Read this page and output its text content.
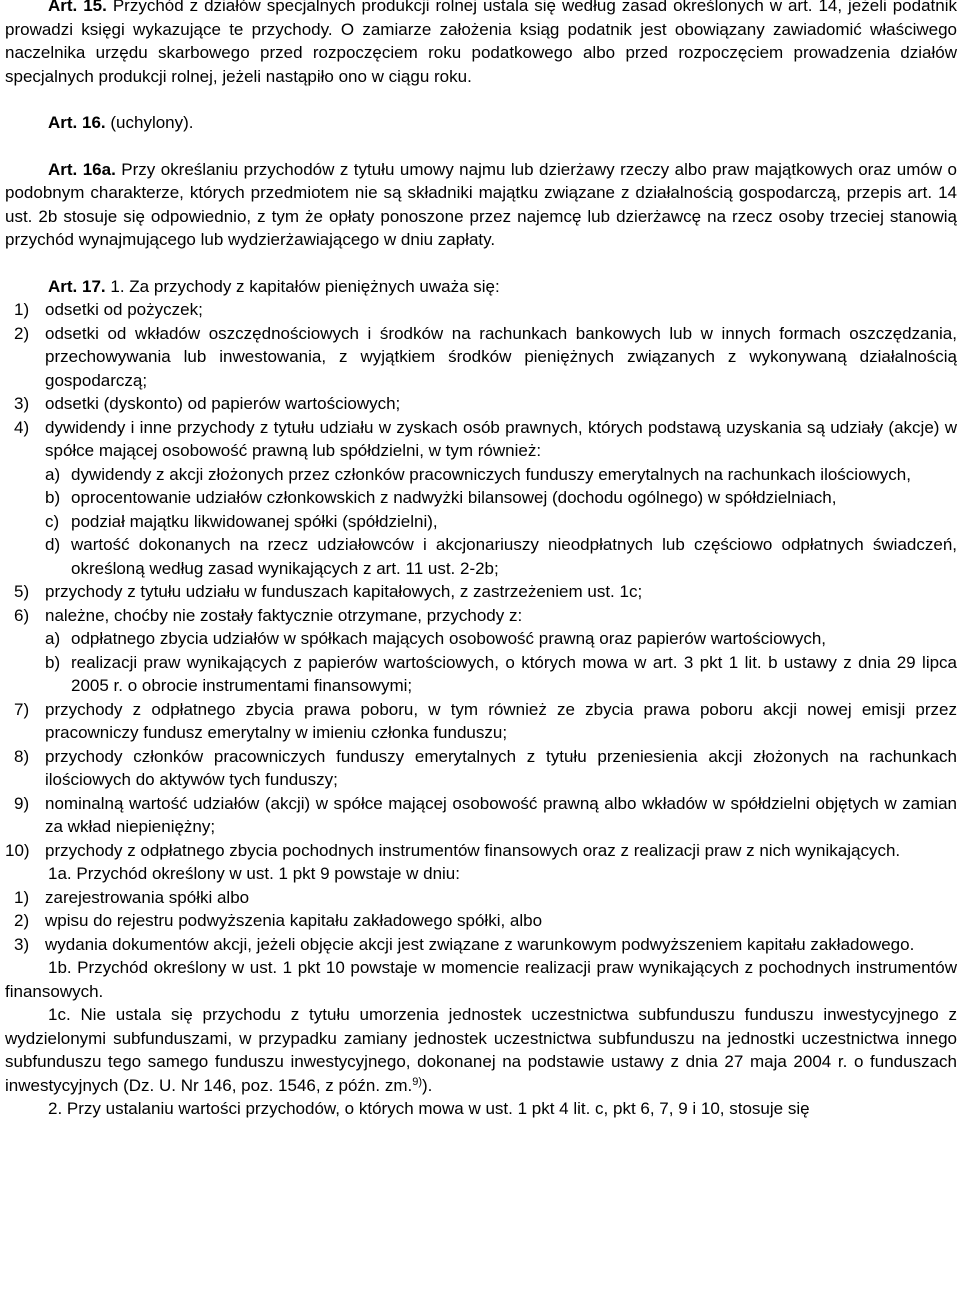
Art. 15. Przychód z działów specjalnych produkcji rolnej ustala się według zasad określonych w art. 14, jeżeli podatnik prowadzi księgi wykazujące te przychody. O zamiarze założenia ksiąg podatnik jest obowiązany zawiadomić właściwego naczelnika urzędu skarbowego przed rozpoczęciem roku podatkowego albo przed rozpoczęciem prowadzenia działów specjalnych produkcji rolnej, jeżeli nastąpiło ono w ciągu roku.

Art. 16. (uchylony).

Art. 16a. Przy określaniu przychodów z tytułu umowy najmu lub dzierżawy rzeczy albo praw majątkowych oraz umów o podobnym charakterze, których przedmiotem nie są składniki majątku związane z działalnością gospodarczą, przepis art. 14 ust. 2b stosuje się odpowiednio, z tym że opłaty ponoszone przez najemcę lub dzierżawcę na rzecz osoby trzeciej stanowią przychód wynajmującego lub wydzierżawiającego w dniu zapłaty.

Art. 17. 1. Za przychody z kapitałów pieniężnych uważa się:

1) odsetki od pożyczek;
2) odsetki od wkładów oszczędnościowych i środków na rachunkach bankowych lub w innych formach oszczędzania, przechowywania lub inwestowania, z wyjątkiem środków pieniężnych związanych z wykonywaną działalnością gospodarczą;
3) odsetki (dyskonto) od papierów wartościowych;
4) dywidendy i inne przychody z tytułu udziału w zyskach osób prawnych, których podstawą uzyskania są udziały (akcje) w spółce mającej osobowość prawną lub spółdzielni, w tym również:
a) dywidendy z akcji złożonych przez członków pracowniczych funduszy emerytalnych na rachunkach ilościowych,
b) oprocentowanie udziałów członkowskich z nadwyżki bilansowej (dochodu ogólnego) w spółdzielniach,
c) podział majątku likwidowanej spółki (spółdzielni),
d) wartość dokonanych na rzecz udziałowców i akcjonariuszy nieodpłatnych lub częściowo odpłatnych świadczeń, określoną według zasad wynikających z art. 11 ust. 2-2b;
5) przychody z tytułu udziału w funduszach kapitałowych, z zastrzeżeniem ust. 1c;
6) należne, choćby nie zostały faktycznie otrzymane, przychody z:
a) odpłatnego zbycia udziałów w spółkach mających osobowość prawną oraz papierów wartościowych,
b) realizacji praw wynikających z papierów wartościowych, o których mowa w art. 3 pkt 1 lit. b ustawy z dnia 29 lipca 2005 r. o obrocie instrumentami finansowymi;
7) przychody z odpłatnego zbycia prawa poboru, w tym również ze zbycia prawa poboru akcji nowej emisji przez pracowniczy fundusz emerytalny w imieniu członka funduszu;
8) przychody członków pracowniczych funduszy emerytalnych z tytułu przeniesienia akcji złożonych na rachunkach ilościowych do aktywów tych funduszy;
9) nominalną wartość udziałów (akcji) w spółce mającej osobowość prawną albo wkładów w spółdzielni objętych w zamian za wkład niepieniężny;
10) przychody z odpłatnego zbycia pochodnych instrumentów finansowych oraz z realizacji praw z nich wynikających.

1a. Przychód określony w ust. 1 pkt 9 powstaje w dniu:

1) zarejestrowania spółki albo
2) wpisu do rejestru podwyższenia kapitału zakładowego spółki, albo
3) wydania dokumentów akcji, jeżeli objęcie akcji jest związane z warunkowym podwyższeniem kapitału zakładowego.

1b. Przychód określony w ust. 1 pkt 10 powstaje w momencie realizacji praw wynikających z pochodnych instrumentów finansowych.

1c. Nie ustala się przychodu z tytułu umorzenia jednostek uczestnictwa subfunduszu funduszu inwestycyjnego z wydzielonymi subfunduszami, w przypadku zamiany jednostek uczestnictwa subfunduszu na jednostki uczestnictwa innego subfunduszu tego samego funduszu inwestycyjnego, dokonanej na podstawie ustawy z dnia 27 maja 2004 r. o funduszach inwestycyjnych (Dz. U. Nr 146, poz. 1546, z późn. zm.$^{9)}$).

2. Przy ustalaniu wartości przychodów, o których mowa w ust. 1 pkt 4 lit. c, pkt 6, 7, 9 i 10, stosuje się
